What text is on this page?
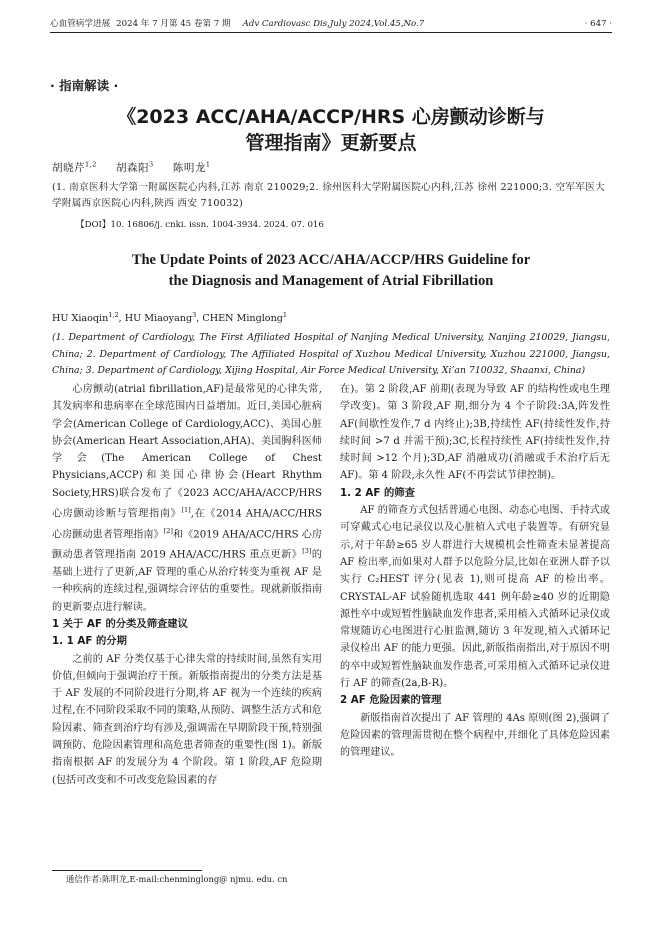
心血管病学进展 2024 年 7 月第 45 卷第 7 期 Adv Cardiovasc Dis,July 2024,Vol.45,No.7	· 647 ·
· 指南解读 ·
《2023 ACC/AHA/ACCP/HRS 心房颤动诊断与
管理指南》更新要点
胡晓芹$^{1,2}$ 胡森阳$^3$ 陈明龙$^1$
(1. 南京医科大学第一附属医院心内科,江苏 南京 210029;2. 徐州医科大学附属医院心内科,江苏 徐州 221000;3. 空军军医大学附属西京医院心内科,陕西 西安 710032)
【DOI】10. 16806/j. cnki. issn. 1004-3934. 2024. 07. 016
The Update Points of 2023 ACC/AHA/ACCP/HRS Guideline for
the Diagnosis and Management of Atrial Fibrillation
HU Xiaoqin$^{1,2}$, HU Miaoyang$^3$, CHEN Minglong$^1$
(1. Department of Cardiology, The First Affiliated Hospital of Nanjing Medical University, Nanjing 210029, Jiangsu, China; 2. Department of Cardiology, The Affiliated Hospital of Xuzhou Medical University, Xuzhou 221000, Jiangsu, China; 3. Department of Cardiology, Xijing Hospital, Air Force Medical University, Xi’an 710032, Shaanxi, China)

心房颤动(atrial fibrillation,AF)是最常见的心律失常,其发病率和患病率在全球范围内日益增加。近日,美国心脏病学会(American College of Cardiology,ACC)、美国心脏协会(American Heart Association,AHA)、美国胸科医师学会(The American College of Chest Physicians,ACCP)和美国心律协会(Heart Rhythm Society,HRS)联合发布了《2023 ACC/AHA/ACCP/HRS 心房颤动诊断与管理指南》[1],在《2014 AHA/ACC/HRS 心房颤动患者管理指南》[2]和《2019 AHA/ACC/HRS 心房颤动患者管理指南 2019 AHA/ACC/HRS 重点更新》[3]的基础上进行了更新,AF 管理的重心从治疗转变为重视 AF 是一种疾病的连续过程,强调综合评估的重要性。现就新版指南的更新要点进行解读。

1 关于 AF 的分类及筛查建议
1. 1 AF 的分期

之前的 AF 分类仅基于心律失常的持续时间,虽然有实用价值,但倾向于强调治疗干预。新版指南提出的分类方法是基于 AF 发展的不同阶段进行分期,将 AF 视为一个连续的疾病过程,在不同阶段采取不同的策略,从预防、调整生活方式和危险因素、筛查到治疗均有涉及,强调需在早期阶段干预,特别强调预防、危险因素管理和高危患者筛查的重要性(图 1)。新版指南根据 AF 的发展分为 4 个阶段。第 1 阶段,AF 危险期(包括可改变和不可改变危险因素的存

在)。第 2 阶段,AF 前期(表现为导致 AF 的结构性或电生理学改变)。第 3 阶段,AF 期,细分为 4 个子阶段:3A,阵发性 AF(间歇性发作,7 d 内终止);3B,持续性 AF(持续性发作,持续时间 >7 d 并需干预);3C,长程持续性 AF(持续性发作,持续时间 >12 个月);3D,AF 消融成功(消融或手术治疗后无 AF)。第 4 阶段,永久性 AF(不再尝试节律控制)。

1. 2 AF 的筛查

AF 的筛查方式包括普通心电图、动态心电图、手持式或可穿戴式心电记录仪以及心脏植入式电子装置等。有研究显示,对于年龄≥65 岁人群进行大规模机会性筛查未显著提高 AF 检出率,而如果对人群予以危险分层,比如在亚洲人群予以实行 C₂HEST 评分(见表 1),则可提高 AF 的检出率。CRYSTAL-AF 试验随机选取 441 例年龄≥40 岁的近期隐源性卒中或短暂性脑缺血发作患者,采用植入式循环记录仪或常规随访心电图进行心脏监测,随访 3 年发现,植入式循环记录仪检出 AF 的能力更强。因此,新版指南指出,对于原因不明的卒中或短暂性脑缺血发作患者,可采用植入式循环记录仪进行 AF 的筛查(2a,B-R)。

2 AF 危险因素的管理

新版指南首次提出了 AF 管理的 4As 原则(图 2),强调了危险因素的管理需贯彻在整个病程中,并细化了具体危险因素的管理建议。

通信作者:陈明龙,E-mail:chenminglong@ njmu. edu. cn
